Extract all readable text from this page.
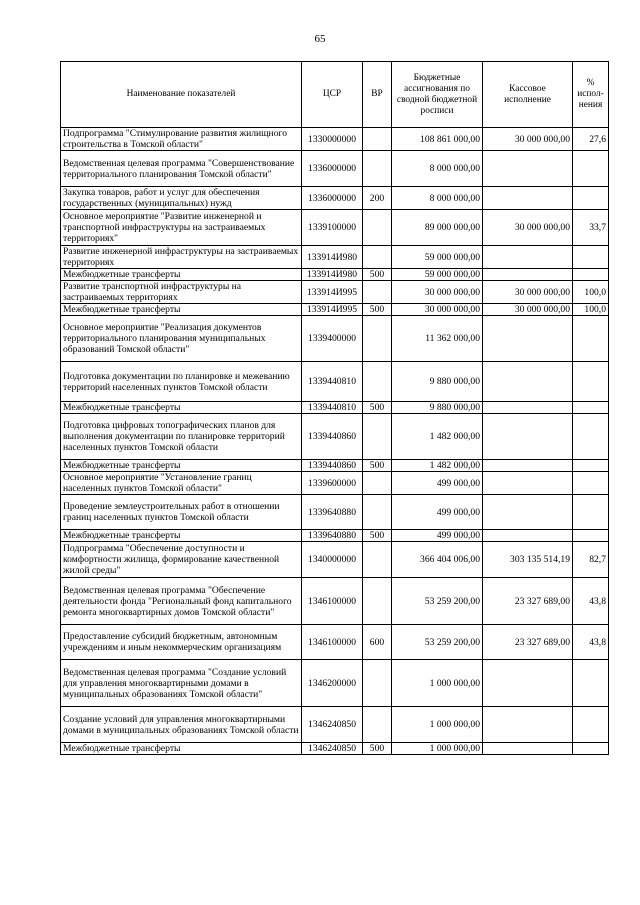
65
Наименование показателей	ЦСР	ВР	Бюджетные ассигнования по сводной бюджетной росписи	Кассовое исполнение	% испол- нения
Подпрограмма "Стимулирование развития жилищного строительства в Томской области"	1330000000		108 861 000,00	30 000 000,00	27,6
Ведомственная целевая программа "Совершенствование территориального планирования Томской области"	1336000000		8 000 000,00		
Закупка товаров, работ и услуг для обеспечения государственных (муниципальных) нужд	1336000000	200	8 000 000,00		
Основное мероприятие "Развитие инженерной и транспортной инфраструктуры на застраиваемых территориях"	1339100000		89 000 000,00	30 000 000,00	33,7
Развитие инженерной инфраструктуры на застраиваемых территориях	133914И980		59 000 000,00		
Межбюджетные трансферты	133914И980	500	59 000 000,00		
Развитие транспортной инфраструктуры на застраиваемых территориях	133914И995		30 000 000,00	30 000 000,00	100,0
Межбюджетные трансферты	133914И995	500	30 000 000,00	30 000 000,00	100,0
Основное мероприятие "Реализация документов территориального планирования муниципальных образований Томской области"	1339400000		11 362 000,00		
Подготовка документации по планировке и межеванию территорий населенных пунктов Томской области	1339440810		9 880 000,00		
Межбюджетные трансферты	1339440810	500	9 880 000,00		
Подготовка цифровых топографических планов для выполнения документации по планировке территорий населенных пунктов Томской области	1339440860		1 482 000,00		
Межбюджетные трансферты	1339440860	500	1 482 000,00		
Основное мероприятие "Установление границ населенных пунктов Томской области"	1339600000		499 000,00		
Проведение землеустроительных работ в отношении границ населенных пунктов Томской области	1339640880		499 000,00		
Межбюджетные трансферты	1339640880	500	499 000,00		
Подпрограмма "Обеспечение доступности и комфортности жилища, формирование качественной жилой среды"	1340000000		366 404 006,00	303 135 514,19	82,7
Ведомственная целевая программа "Обеспечение деятельности фонда "Региональный фонд капитального ремонта многоквартирных домов Томской области"	1346100000		53 259 200,00	23 327 689,00	43,8
Предоставление субсидий бюджетным, автономным учреждениям и иным некоммерческим организациям	1346100000	600	53 259 200,00	23 327 689,00	43,8
Ведомственная целевая программа "Создание условий для управления многоквартирными домами в муниципальных образованиях Томской области"	1346200000		1 000 000,00		
Создание условий для управления многоквартирными домами в муниципальных образованиях Томской области	1346240850		1 000 000,00		
Межбюджетные трансферты	1346240850	500	1 000 000,00		
